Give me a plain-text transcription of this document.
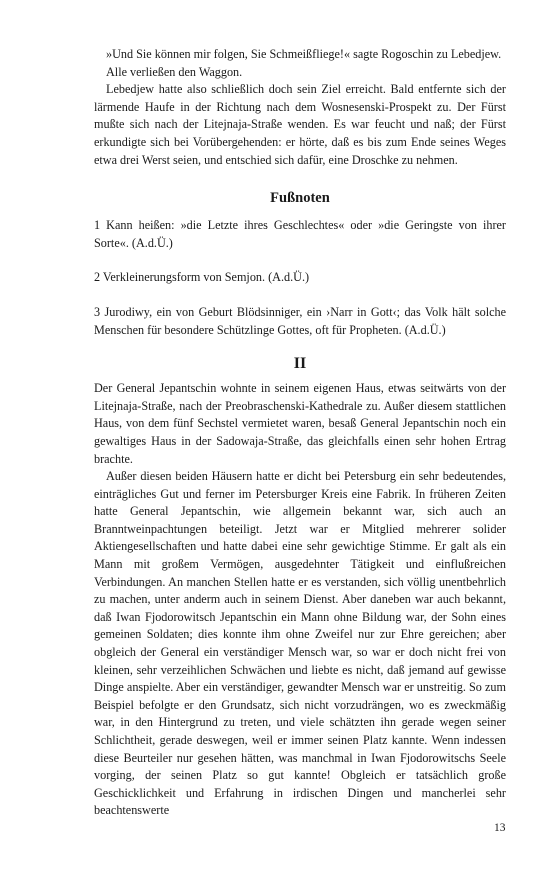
»Und Sie können mir folgen, Sie Schmeißfliege!« sagte Rogoschin zu Lebedjew.

Alle verließen den Waggon.

Lebedjew hatte also schließlich doch sein Ziel erreicht. Bald entfernte sich der lärmende Haufe in der Richtung nach dem Wosnesenski-Prospekt zu. Der Fürst mußte sich nach der Litejnaja-Straße wenden. Es war feucht und naß; der Fürst erkundigte sich bei Vorübergehenden: er hörte, daß es bis zum Ende seines Weges etwa drei Werst seien, und entschied sich dafür, eine Droschke zu nehmen.

Fußnoten

1 Kann heißen: »die Letzte ihres Geschlechtes« oder »die Geringste von ihrer Sorte«. (A.d.Ü.)

2 Verkleinerungsform von Semjon. (A.d.Ü.)

3 Jurodiwy, ein von Geburt Blödsinniger, ein ›Narr in Gott‹; das Volk hält solche Menschen für besondere Schützlinge Gottes, oft für Propheten. (A.d.Ü.)

II

Der General Jepantschin wohnte in seinem eigenen Haus, etwas seitwärts von der Litejnaja-Straße, nach der Preobraschenski-Kathedrale zu. Außer diesem stattlichen Haus, von dem fünf Sechstel vermietet waren, besaß General Jepantschin noch ein gewaltiges Haus in der Sadowaja-Straße, das gleichfalls einen sehr hohen Ertrag brachte.

Außer diesen beiden Häusern hatte er dicht bei Petersburg ein sehr bedeutendes, einträgliches Gut und ferner im Petersburger Kreis eine Fabrik. In früheren Zeiten hatte General Jepantschin, wie allgemein bekannt war, sich auch an Branntweinpachtungen beteiligt. Jetzt war er Mitglied mehrerer solider Aktiengesellschaften und hatte dabei eine sehr gewichtige Stimme. Er galt als ein Mann mit großem Vermögen, ausgedehnter Tätigkeit und einflußreichen Verbindungen. An manchen Stellen hatte er es verstanden, sich völlig unentbehrlich zu machen, unter anderm auch in seinem Dienst. Aber daneben war auch bekannt, daß Iwan Fjodorowitsch Jepantschin ein Mann ohne Bildung war, der Sohn eines gemeinen Soldaten; dies konnte ihm ohne Zweifel nur zur Ehre gereichen; aber obgleich der General ein verständiger Mensch war, so war er doch nicht frei von kleinen, sehr verzeihlichen Schwächen und liebte es nicht, daß jemand auf gewisse Dinge anspielte. Aber ein verständiger, gewandter Mensch war er unstreitig. So zum Beispiel befolgte er den Grundsatz, sich nicht vorzudrängen, wo es zweckmäßig war, in den Hintergrund zu treten, und viele schätzten ihn gerade wegen seiner Schlichtheit, gerade deswegen, weil er immer seinen Platz kannte. Wenn indessen diese Beurteiler nur gesehen hätten, was manchmal in Iwan Fjodorowitschs Seele vorging, der seinen Platz so gut kannte! Obgleich er tatsächlich große Geschicklichkeit und Erfahrung in irdischen Dingen und mancherlei sehr beachtenswerte

13
